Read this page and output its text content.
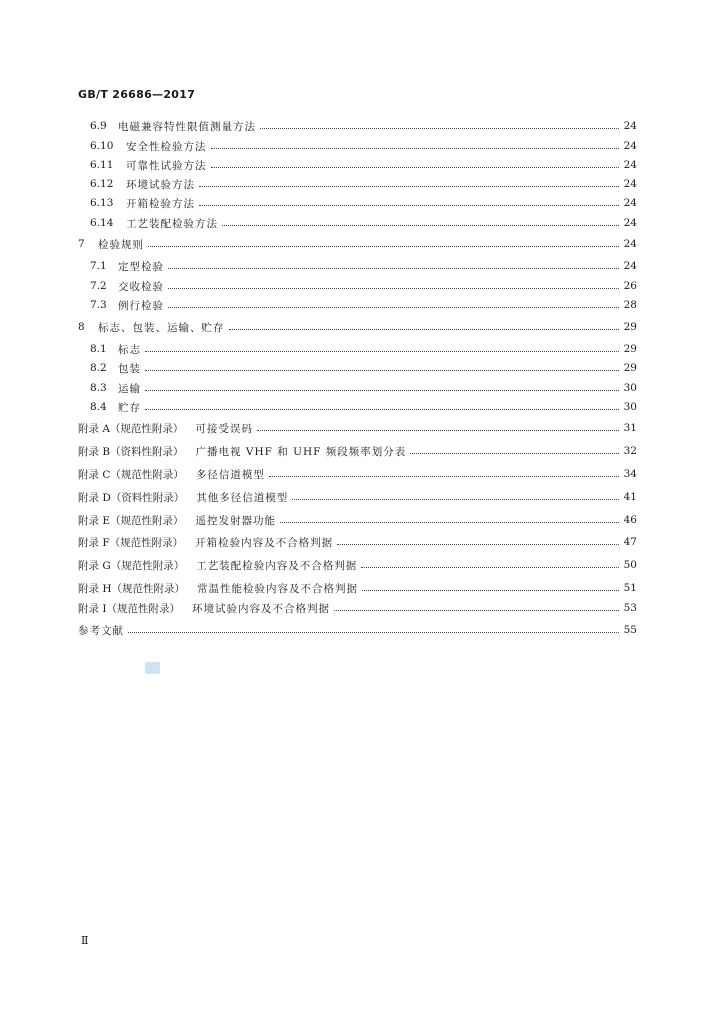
GB/T 26686—2017
6.9	电磁兼容特性限值测量方法	24
6.10	安全性检验方法	24
6.11	可靠性试验方法	24
6.12	环境试验方法	24
6.13	开箱检验方法	24
6.14	工艺装配检验方法	24
7	检验规则	24
7.1	定型检验	24
7.2	交收检验	26
7.3	例行检验	28
8	标志、包装、运输、贮存	29
8.1	标志	29
8.2	包装	29
8.3	运输	30
8.4	贮存	30
附录 A（规范性附录） 可接受误码	31
附录 B（资料性附录） 广播电视 VHF 和 UHF 频段频率划分表	32
附录 C（规范性附录） 多径信道模型	34
附录 D（资料性附录） 其他多径信道模型	41
附录 E（规范性附录） 遥控发射器功能	46
附录 F（规范性附录） 开箱检验内容及不合格判据	47
附录 G（规范性附录） 工艺装配检验内容及不合格判据	50
附录 H（规范性附录） 常温性能检验内容及不合格判据	51
附录 I（规范性附录） 环境试验内容及不合格判据	53
参考文献	55
Ⅱ
